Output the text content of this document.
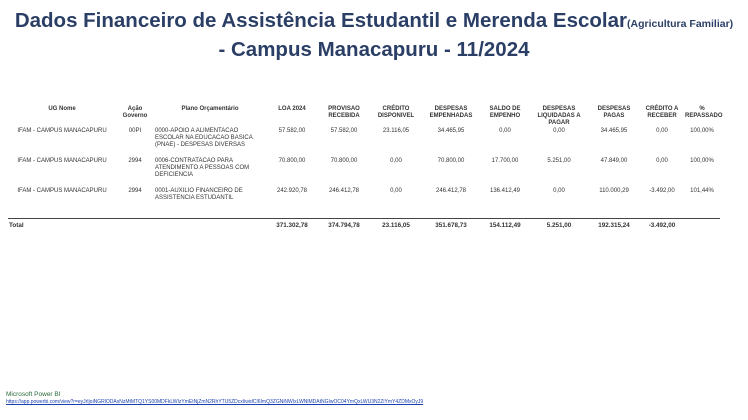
Dados Financeiro de Assistência Estudantil e Merenda Escolar(Agricultura Familiar)
- Campus Manacapuru - 11/2024
UG Nome	Ação Governo	Plano Orçamentário	LOA 2024	PROVISAO RECEBIDA	CRÉDITO DISPONIVEL	DESPESAS EMPENHADAS	SALDO DE EMPENHO	DESPESAS LIQUIDADAS A PAGAR	DESPESAS PAGAS	CRÉDITO A RECEBER	% REPASSADO
IFAM - CAMPUS MANACAPURU	00PI	0000-APOIO A ALIMENTACAO ESCOLAR NA EDUCACAO BASICA (PNAE) - DESPESAS DIVERSAS	57.582,00	57.582,00	23.116,05	34.465,95	0,00	0,00	34.465,95	0,00	100,00%
IFAM - CAMPUS MANACAPURU	2994	0006-CONTRATACAO PARA ATENDIMENTO A PESSOAS COM DEFICIENCIA	70.800,00	70.800,00	0,00	70.800,00	17.700,00	5.251,00	47.849,00	0,00	100,00%
IFAM - CAMPUS MANACAPURU	2994	0001-AUXILIO FINANCEIRO DE ASSISTENCIA ESTUDANTIL	242.920,78	246.412,78	0,00	246.412,78	136.412,49	0,00	110.000,29	-3.492,00	101,44%
Total			371.302,78	374.794,78	23.116,05	351.678,73	154.112,49	5.251,00	192.315,24	-3.492,00	
Microsoft Power BI
https://app.powerbi.com/view?r=eyJrIjoiNGRlODAxNzMtMTQ1YS00MDFkLWIzYmEtNjZmN2RhYTU5ZDcxIiwidCI6ImQ3ZGNiNWIxLWNlMDAtNGIwOC04YmQxLWU3N2ZiYmY4ZDMxOyJ9
